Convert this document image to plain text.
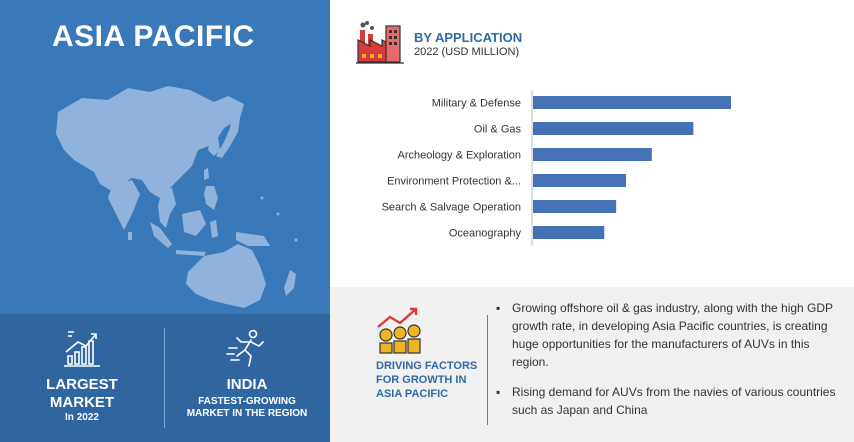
ASIA PACIFIC
LARGEST
MARKET
In 2022
INDIA
FASTEST-GROWING
MARKET IN THE REGION
BY APPLICATION
2022 (USD MILLION)
Military & Defense
Oil & Gas
Archeology & Exploration
Environment Protection &...
Search & Salvage Operation
Oceanography
DRIVING FACTORS
FOR GROWTH IN
ASIA PACIFIC
▪ Growing offshore oil & gas industry, along with the high GDP growth rate, in developing Asia Pacific countries, is creating huge opportunities for the manufacturers of AUVs in this region.
▪ Rising demand for AUVs from the navies of various countries such as Japan and China
